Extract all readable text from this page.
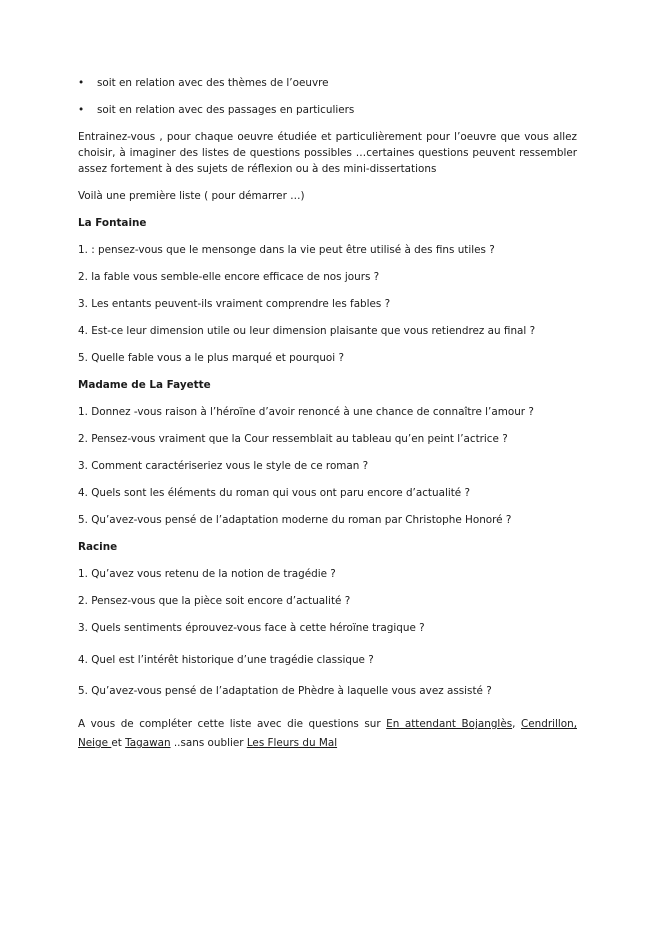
• soit en relation avec des thèmes de l’oeuvre
• soit en relation avec des passages en particuliers
Entrainez-vous , pour chaque oeuvre étudiée et particulièrement pour l’oeuvre que vous allez choisir, à imaginer des listes de questions possibles …certaines questions peuvent ressembler assez fortement à des sujets de réflexion ou à des mini-dissertations
Voilà une première liste ( pour démarrer …)
La Fontaine
1. : pensez-vous que le mensonge dans la vie peut être utilisé à des fins utiles ?
2. la fable vous semble-elle encore efficace de nos jours ?
3. Les entants peuvent-ils vraiment comprendre les fables ?
4. Est-ce leur dimension utile ou leur dimension plaisante que vous retiendrez au final ?
5. Quelle fable vous a le plus marqué et pourquoi ?
Madame de La Fayette
1. Donnez -vous raison à l’héroïne d’avoir renoncé à une chance de connaître l’amour ?
2. Pensez-vous vraiment que la Cour ressemblait au tableau qu’en peint l’actrice ?
3. Comment caractériseriez vous le style de ce roman ?
4. Quels sont les éléments du roman qui vous ont paru encore d’actualité ?
5. Qu’avez-vous pensé de l’adaptation moderne du roman par Christophe Honoré ?
Racine
1. Qu’avez vous retenu de la notion de tragédie ?
2. Pensez-vous que la pièce soit encore d’actualité ?
3. Quels sentiments éprouvez-vous face à cette héroïne tragique ?
4. Quel est l’intérêt historique d’une tragédie classique ?
5. Qu’avez-vous pensé de l’adaptation de Phèdre à laquelle vous avez assisté ?
A vous de compléter cette liste avec die questions sur En attendant Bojanglès, Cendrillon, Neige et Tagawan ..sans oublier Les Fleurs du Mal
